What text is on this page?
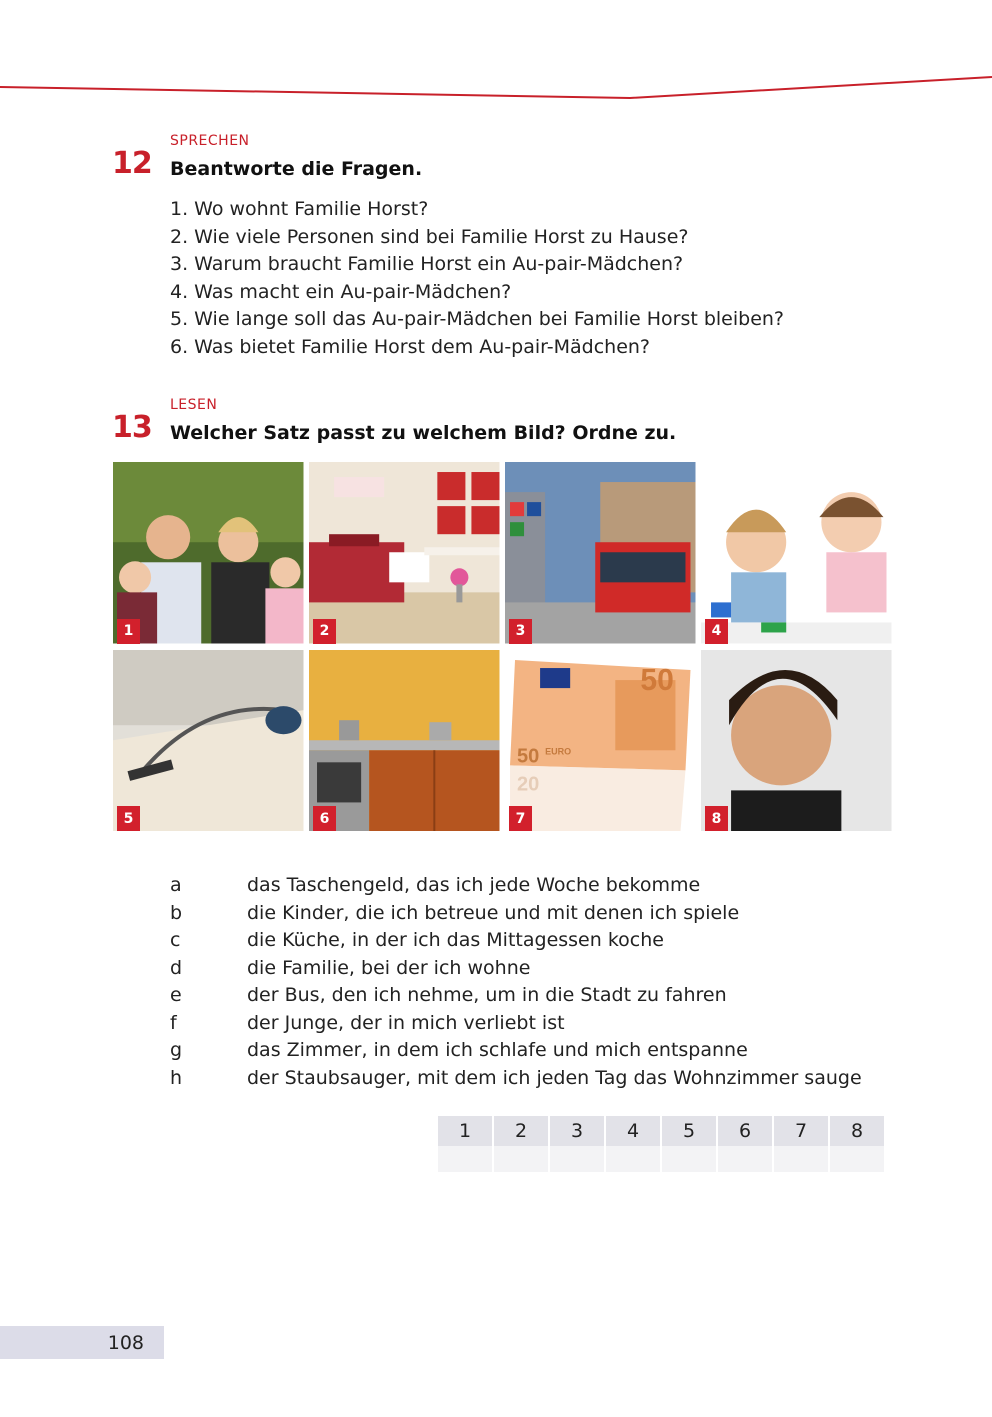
SPRECHEN
12 Beantworte die Fragen.
1. Wo wohnt Familie Horst?
2. Wie viele Personen sind bei Familie Horst zu Hause?
3. Warum braucht Familie Horst ein Au-pair-Mädchen?
4. Was macht ein Au-pair-Mädchen?
5. Wie lange soll das Au-pair-Mädchen bei Familie Horst bleiben?
6. Was bietet Familie Horst dem Au-pair-Mädchen?
LESEN
13 Welcher Satz passt zu welchem Bild? Ordne zu.
1	2	3	4
5	6
50
50 EURO
20
7	8
a	das Taschengeld, das ich jede Woche bekomme
b	die Kinder, die ich betreue und mit denen ich spiele
c	die Küche, in der ich das Mittagessen koche
d	die Familie, bei der ich wohne
e	der Bus, den ich nehme, um in die Stadt zu fahren
f	der Junge, der in mich verliebt ist
g	das Zimmer, in dem ich schlafe und mich entspanne
h	der Staubsauger, mit dem ich jeden Tag das Wohnzimmer sauge
1	2	3	4	5	6	7	8

108
